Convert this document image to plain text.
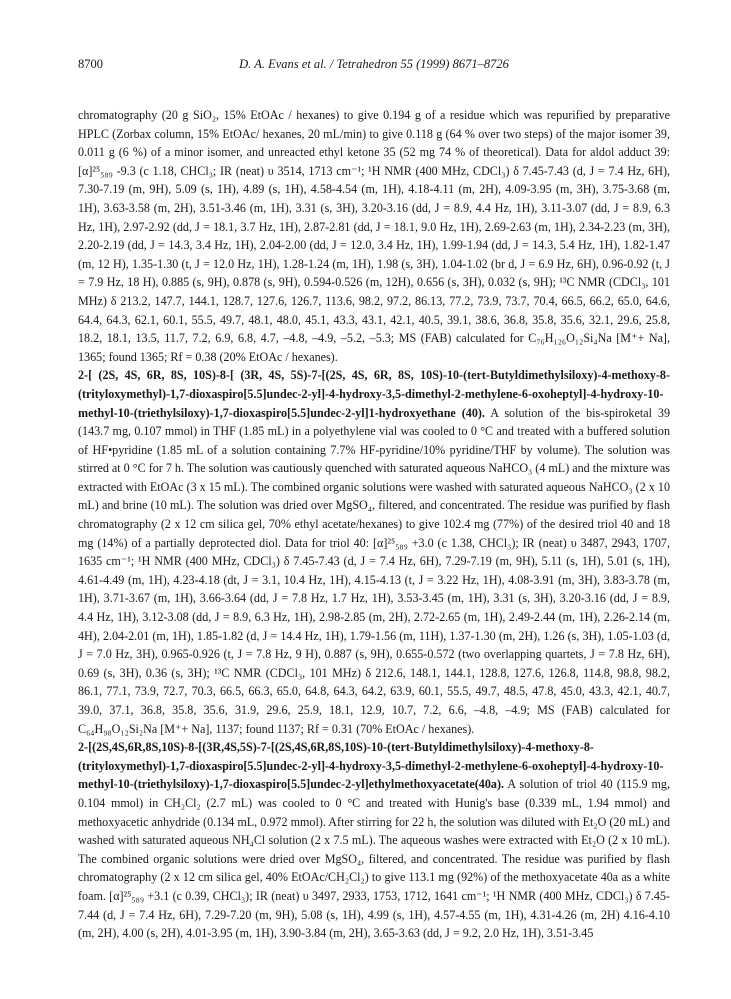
8700	D. A. Evans et al. / Tetrahedron 55 (1999) 8671–8726

chromatography (20 g SiO₂, 15% EtOAc / hexanes) to give 0.194 g of a residue which was repurified by preparative HPLC (Zorbax column, 15% EtOAc/ hexanes, 20 mL/min) to give 0.118 g (64 % over two steps) of the major isomer 39, 0.011 g (6 %) of a minor isomer, and unreacted ethyl ketone 35 (52 mg 74 % of theoretical). Data for aldol adduct 39: [α]²⁵₅₈₉ -9.3 (c 1.18, CHCl₃; IR (neat) υ 3514, 1713 cm⁻¹; ¹H NMR (400 MHz, CDCl₃) δ 7.45-7.43 (d, J = 7.4 Hz, 6H), 7.30-7.19 (m, 9H), 5.09 (s, 1H), 4.89 (s, 1H), 4.58-4.54 (m, 1H), 4.18-4.11 (m, 2H), 4.09-3.95 (m, 3H), 3.75-3.68 (m, 1H), 3.63-3.58 (m, 2H), 3.51-3.46 (m, 1H), 3.31 (s, 3H), 3.20-3.16 (dd, J = 8.9, 4.4 Hz, 1H), 3.11-3.07 (dd, J = 8.9, 6.3 Hz, 1H), 2.97-2.92 (dd, J = 18.1, 3.7 Hz, 1H), 2.87-2.81 (dd, J = 18.1, 9.0 Hz, 1H), 2.69-2.63 (m, 1H), 2.34-2.23 (m, 3H), 2.20-2.19 (dd, J = 14.3, 3.4 Hz, 1H), 2.04-2.00 (dd, J = 12.0, 3.4 Hz, 1H), 1.99-1.94 (dd, J = 14.3, 5.4 Hz, 1H), 1.82-1.47 (m, 12 H), 1.35-1.30 (t, J = 12.0 Hz, 1H), 1.28-1.24 (m, 1H), 1.98 (s, 3H), 1.04-1.02 (br d, J = 6.9 Hz, 6H), 0.96-0.92 (t, J = 7.9 Hz, 18 H), 0.885 (s, 9H), 0.878 (s, 9H), 0.594-0.526 (m, 12H), 0.656 (s, 3H), 0.032 (s, 9H); ¹³C NMR (CDCl₃, 101 MHz) δ 213.2, 147.7, 144.1, 128.7, 127.6, 126.7, 113.6, 98.2, 97.2, 86.13, 77.2, 73.9, 73.7, 70.4, 66.5, 66.2, 65.0, 64.6, 64.4, 64.3, 62.1, 60.1, 55.5, 49.7, 48.1, 48.0, 45.1, 43.3, 43.1, 42.1, 40.5, 39.1, 38.6, 36.8, 35.8, 35.6, 32.1, 29.6, 25.8, 18.2, 18.1, 13.5, 11.7, 7.2, 6.9, 6.8, 4.7, –4.8, –4.9, –5.2, –5.3; MS (FAB) calculated for C₇₆H₁₂₆O₁₂Si₄Na [M⁺+ Na], 1365; found 1365; Rf = 0.38 (20% EtOAc / hexanes).

2-[ (2S, 4S, 6R, 8S, 10S)-8-[ (3R, 4S, 5S)-7-[(2S, 4S, 6R, 8S, 10S)-10-(tert-Butyldimethylsiloxy)-4-methoxy-8-(trityloxymethyl)-1,7-dioxaspiro[5.5]undec-2-yl]-4-hydroxy-3,5-dimethyl-2-methylene-6-oxoheptyl]-4-hydroxy-10-methyl-10-(triethylsiloxy)-1,7-dioxaspiro[5.5]undec-2-yl]1-hydroxyethane (40). A solution of the bis-spiroketal 39 (143.7 mg, 0.107 mmol) in THF (1.85 mL) in a polyethylene vial was cooled to 0 °C and treated with a buffered solution of HF•pyridine (1.85 mL of a solution containing 7.7% HF-pyridine/10% pyridine/THF by volume). The solution was stirred at 0 °C for 7 h. The solution was cautiously quenched with saturated aqueous NaHCO₃ (4 mL) and the mixture was extracted with EtOAc (3 x 15 mL). The combined organic solutions were washed with saturated aqueous NaHCO₃ (2 x 10 mL) and brine (10 mL). The solution was dried over MgSO₄, filtered, and concentrated. The residue was purified by flash chromatography (2 x 12 cm silica gel, 70% ethyl acetate/hexanes) to give 102.4 mg (77%) of the desired triol 40 and 18 mg (14%) of a partially deprotected diol. Data for triol 40: [α]²⁵₅₈₉ +3.0 (c 1.38, CHCl₃); IR (neat) υ 3487, 2943, 1707, 1635 cm⁻¹; ¹H NMR (400 MHz, CDCl₃) δ 7.45-7.43 (d, J = 7.4 Hz, 6H), 7.29-7.19 (m, 9H), 5.11 (s, 1H), 5.01 (s, 1H), 4.61-4.49 (m, 1H), 4.23-4.18 (dt, J = 3.1, 10.4 Hz, 1H), 4.15-4.13 (t, J = 3.22 Hz, 1H), 4.08-3.91 (m, 3H), 3.83-3.78 (m, 1H), 3.71-3.67 (m, 1H), 3.66-3.64 (dd, J = 7.8 Hz, 1.7 Hz, 1H), 3.53-3.45 (m, 1H), 3.31 (s, 3H), 3.20-3.16 (dd, J = 8.9, 4.4 Hz, 1H), 3.12-3.08 (dd, J = 8.9, 6.3 Hz, 1H), 2.98-2.85 (m, 2H), 2.72-2.65 (m, 1H), 2.49-2.44 (m, 1H), 2.26-2.14 (m, 4H), 2.04-2.01 (m, 1H), 1.85-1.82 (d, J = 14.4 Hz, 1H), 1.79-1.56 (m, 11H), 1.37-1.30 (m, 2H), 1.26 (s, 3H), 1.05-1.03 (d, J = 7.0 Hz, 3H), 0.965-0.926 (t, J = 7.8 Hz, 9 H), 0.887 (s, 9H), 0.655-0.572 (two overlapping quartets, J = 7.8 Hz, 6H), 0.69 (s, 3H), 0.36 (s, 3H); ¹³C NMR (CDCl₃, 101 MHz) δ 212.6, 148.1, 144.1, 128.8, 127.6, 126.8, 114.8, 98.8, 98.2, 86.1, 77.1, 73.9, 72.7, 70.3, 66.5, 66.3, 65.0, 64.8, 64.3, 64.2, 63.9, 60.1, 55.5, 49.7, 48.5, 47.8, 45.0, 43.3, 42.1, 40.7, 39.0, 37.1, 36.8, 35.8, 35.6, 31.9, 29.6, 25.9, 18.1, 12.9, 10.7, 7.2, 6.6, –4.8, –4.9; MS (FAB) calculated for C₆₄H₉₈O₁₂Si₂Na [M⁺+ Na], 1137; found 1137; Rf = 0.31 (70% EtOAc / hexanes).

2-[(2S,4S,6R,8S,10S)-8-[(3R,4S,5S)-7-[(2S,4S,6R,8S,10S)-10-(tert-Butyldimethylsiloxy)-4-methoxy-8-(trityloxymethyl)-1,7-dioxaspiro[5.5]undec-2-yl]-4-hydroxy-3,5-dimethyl-2-methylene-6-oxoheptyl]-4-hydroxy-10-methyl-10-(triethylsiloxy)-1,7-dioxaspiro[5.5]undec-2-yl]ethylmethoxyacetate(40a). A solution of triol 40 (115.9 mg, 0.104 mmol) in CH₂Cl₂ (2.7 mL) was cooled to 0 °C and treated with Hunig's base (0.339 mL, 1.94 mmol) and methoxyacetic anhydride (0.134 mL, 0.972 mmol). After stirring for 22 h, the solution was diluted with Et₂O (20 mL) and washed with saturated aqueous NH₄Cl solution (2 x 7.5 mL). The aqueous washes were extracted with Et₂O (2 x 10 mL). The combined organic solutions were dried over MgSO₄, filtered, and concentrated. The residue was purified by flash chromatography (2 x 12 cm silica gel, 40% EtOAc/CH₂Cl₂) to give 113.1 mg (92%) of the methoxyacetate 40a as a white foam. [α]²⁵₅₈₉ +3.1 (c 0.39, CHCl₃); IR (neat) υ 3497, 2933, 1753, 1712, 1641 cm⁻¹; ¹H NMR (400 MHz, CDCl₃) δ 7.45-7.44 (d, J = 7.4 Hz, 6H), 7.29-7.20 (m, 9H), 5.08 (s, 1H), 4.99 (s, 1H), 4.57-4.55 (m, 1H), 4.31-4.26 (m, 2H) 4.16-4.10 (m, 2H), 4.00 (s, 2H), 4.01-3.95 (m, 1H), 3.90-3.84 (m, 2H), 3.65-3.63 (dd, J = 9.2, 2.0 Hz, 1H), 3.51-3.45
